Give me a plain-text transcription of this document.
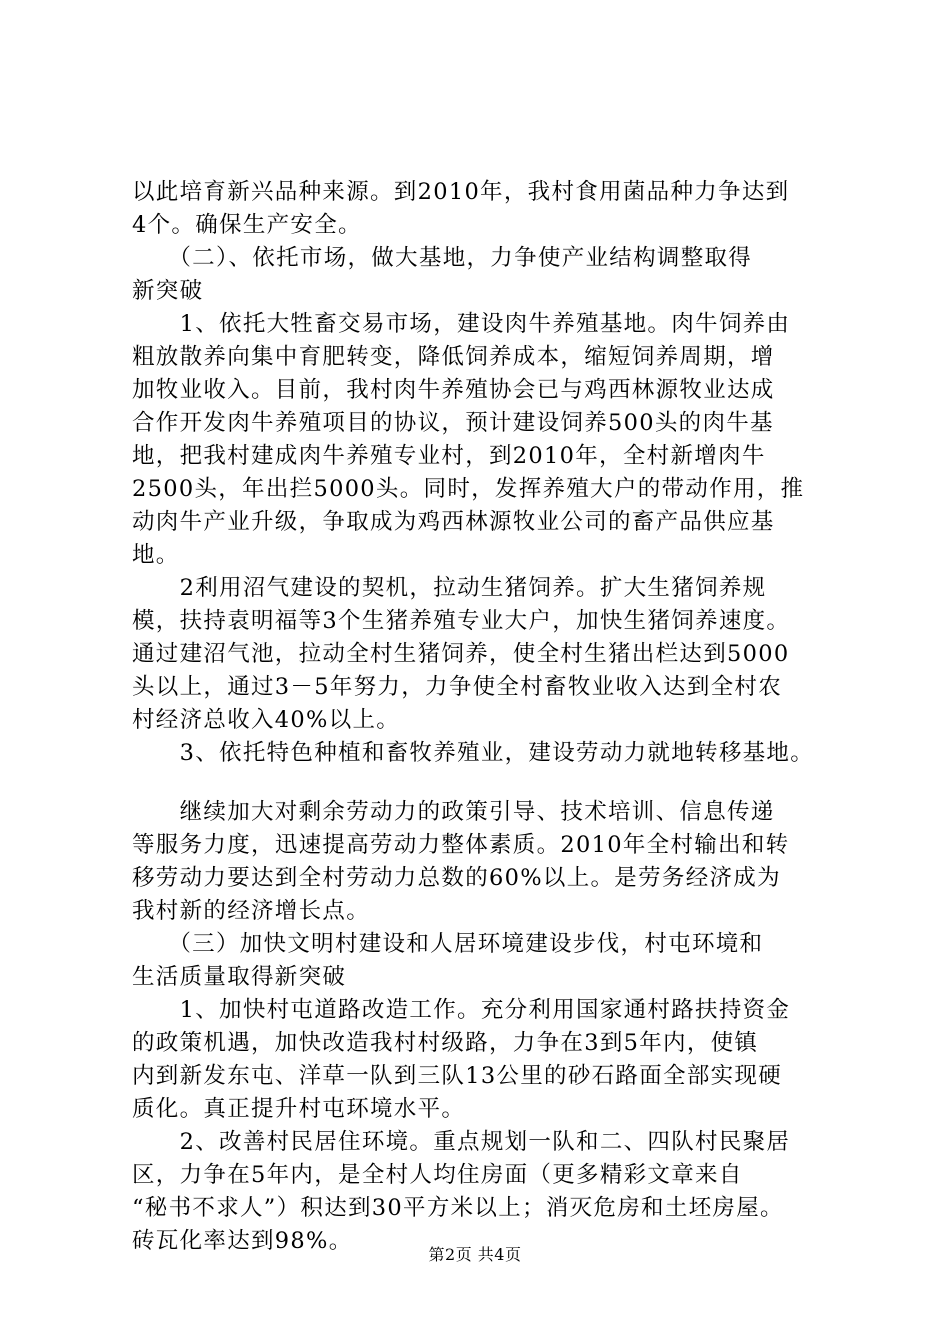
以此培育新兴品种来源。到2010年，我村食用菌品种力争达到
4个。确保生产安全。
　　（二）、依托市场，做大基地，力争使产业结构调整取得
新突破
　　1、依托大牲畜交易市场，建设肉牛养殖基地。肉牛饲养由
粗放散养向集中育肥转变，降低饲养成本，缩短饲养周期，增
加牧业收入。目前，我村肉牛养殖协会已与鸡西林源牧业达成
合作开发肉牛养殖项目的协议，预计建设饲养500头的肉牛基
地，把我村建成肉牛养殖专业村，到2010年，全村新增肉牛
2500头，年出拦5000头。同时，发挥养殖大户的带动作用，推
动肉牛产业升级，争取成为鸡西林源牧业公司的畜产品供应基
地。
　　2利用沼气建设的契机，拉动生猪饲养。扩大生猪饲养规
模，扶持袁明福等3个生猪养殖专业大户，加快生猪饲养速度。
通过建沼气池，拉动全村生猪饲养，使全村生猪出栏达到5000
头以上，通过3－5年努力，力争使全村畜牧业收入达到全村农
村经济总收入40%以上。
　　3、依托特色种植和畜牧养殖业，建设劳动力就地转移基地。
　　继续加大对剩余劳动力的政策引导、技术培训、信息传递
等服务力度，迅速提高劳动力整体素质。2010年全村输出和转
移劳动力要达到全村劳动力总数的60%以上。是劳务经济成为
我村新的经济增长点。
　　（三）加快文明村建设和人居环境建设步伐，村屯环境和
生活质量取得新突破
　　1、加快村屯道路改造工作。充分利用国家通村路扶持资金
的政策机遇，加快改造我村村级路，力争在3到5年内，使镇
内到新发东屯、洋草一队到三队13公里的砂石路面全部实现硬
质化。真正提升村屯环境水平。
　　2、改善村民居住环境。重点规划一队和二、四队村民聚居
区，力争在5年内，是全村人均住房面（更多精彩文章来自
“秘书不求人”）积达到30平方米以上；消灭危房和土坯房屋。
砖瓦化率达到98%。
第2页 共4页
